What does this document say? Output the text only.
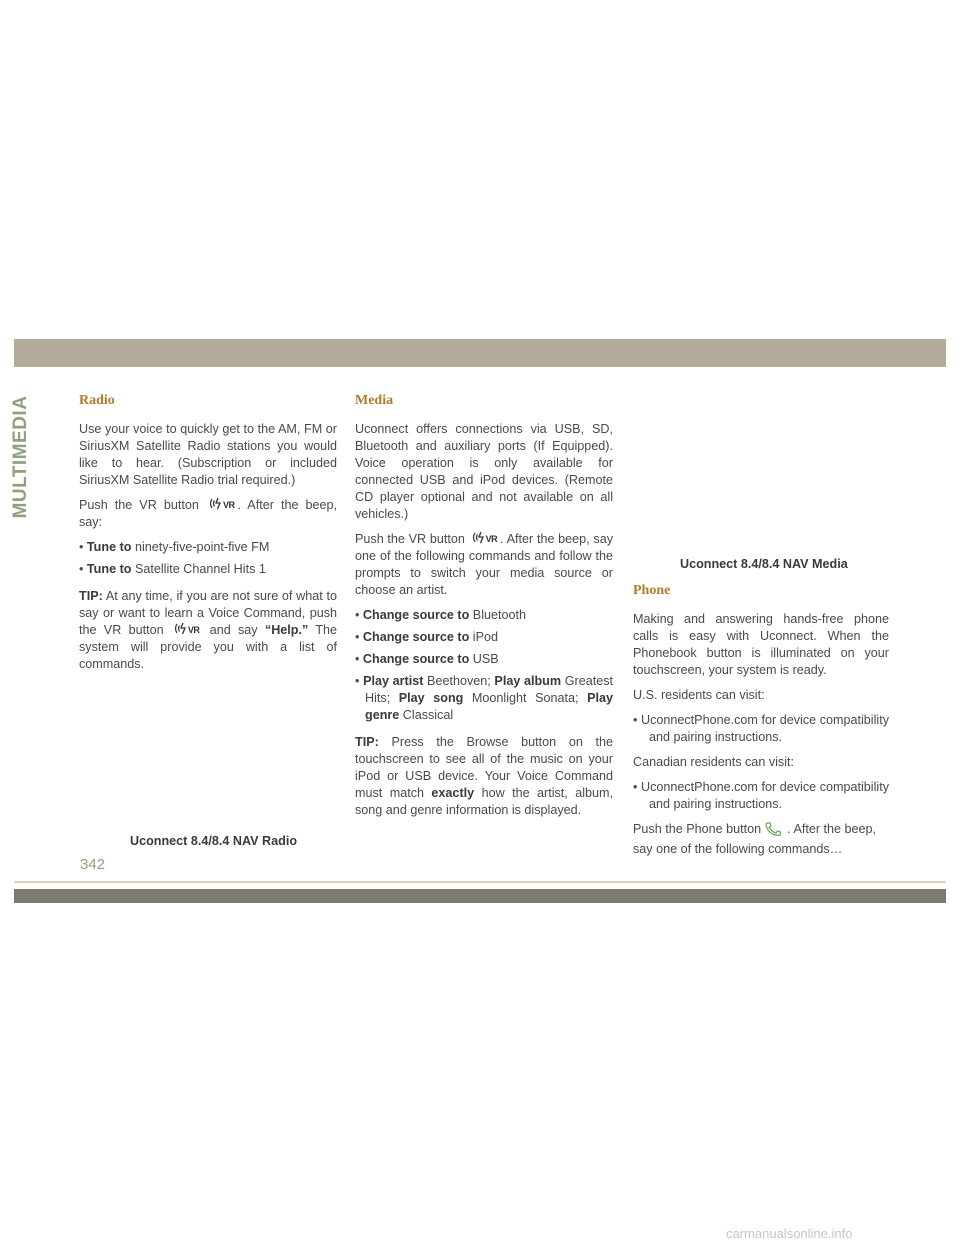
MULTIMEDIA	Radio

Use your voice to quickly get to the AM, FM or SiriusXM Satellite Radio stations you would like to hear. (Subscription or included SiriusXM Satellite Radio trial required.)

Push the VR button	VR . After the beep, say:

• Tune to ninety-five-point-five FM

• Tune to Satellite Channel Hits 1

TIP: At any time, if you are not sure of what to say or want to learn a Voice Command, push the VR button	VR and say “Help.” The system will provide you with a list of commands.

Uconnect 8.4/8.4 NAV Radio
Media

Uconnect offers connections via USB, SD, Bluetooth and auxiliary ports (If Equipped). Voice operation is only available for connected USB and iPod devices. (Remote CD player optional and not available on all vehicles.)

Push the VR button VR . After the beep, say one of the following commands and follow the prompts to switch your media source or choose an artist.

• Change source to Bluetooth

• Change source to iPod

• Change source to USB

• Play artist Beethoven; Play album Greatest Hits; Play song Moonlight Sonata; Play genre Classical

TIP: Press the Browse button on the touchscreen to see all of the music on your iPod or USB device. Your Voice Command must match exactly how the artist, album, song and genre information is displayed.

Uconnect 8.4/8.4 NAV Media
Phone

Making and answering hands-free phone calls is easy with Uconnect. When the Phonebook button is illuminated on your touchscreen, your system is ready.

U.S. residents can visit:

• UconnectPhone.com for device compatibility and pairing instructions.

Canadian residents can visit:

• UconnectPhone.com for device compatibility and pairing instructions.

Push the Phone button . After the beep, say one of the following commands…

342
carmanualsonline.info
